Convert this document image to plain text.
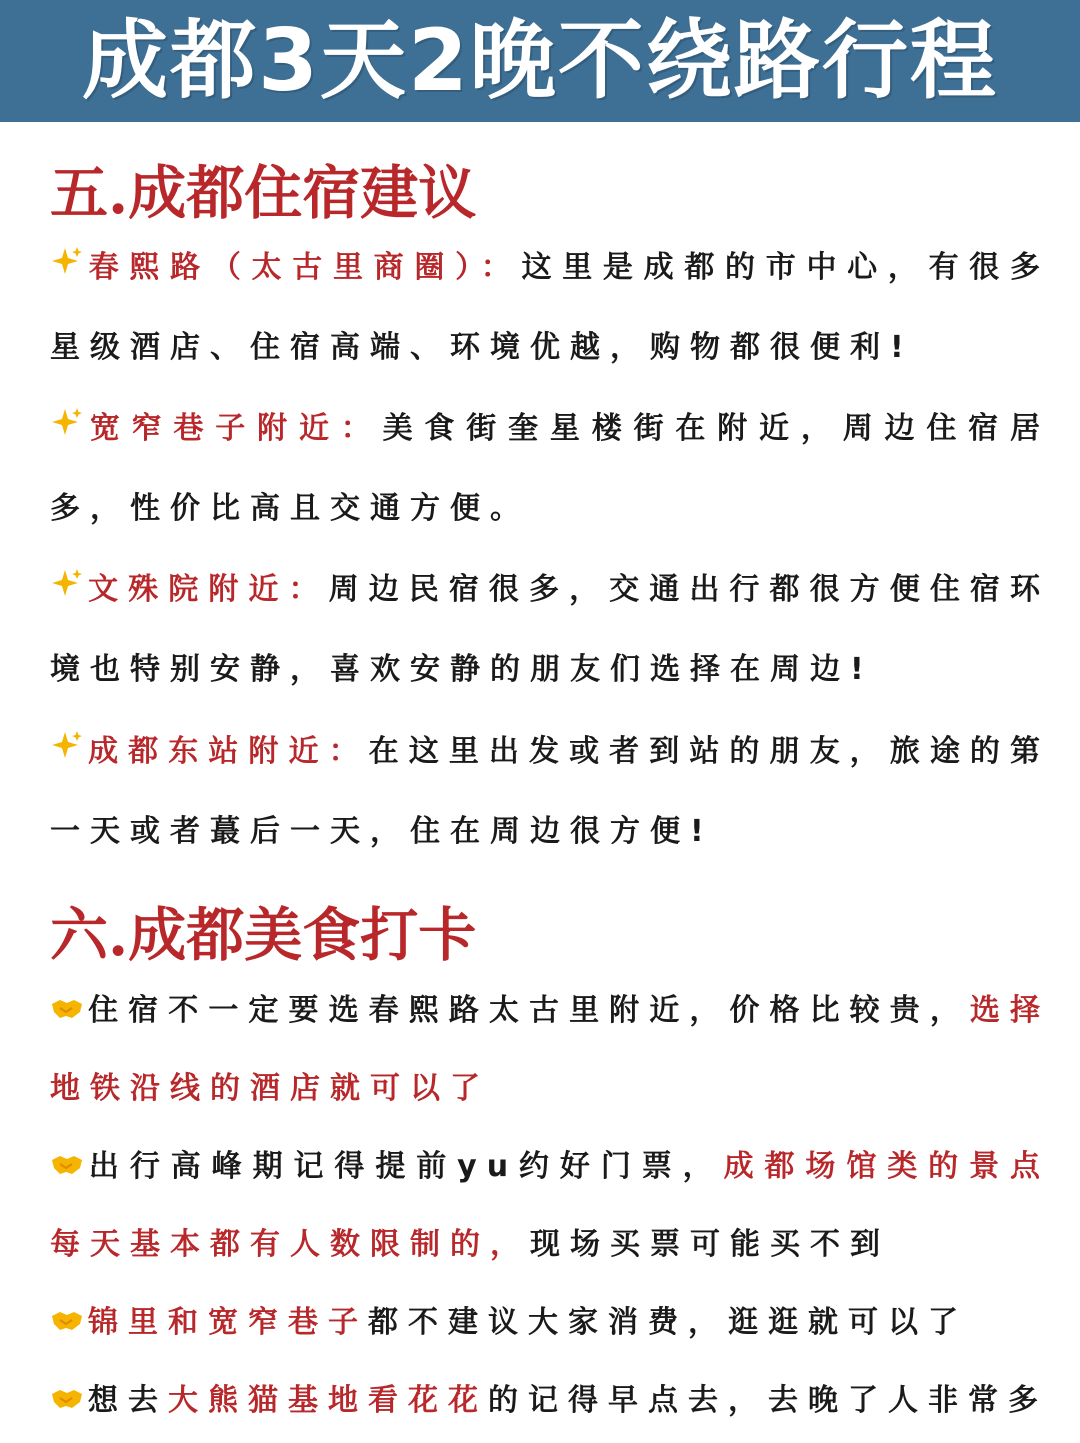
成都3天2晚不绕路行程
五.成都住宿建议

春熙路（太古里商圈）：这里是成都的市中心，有很多星级酒店、住宿高端、环境优越，购物都很便利!

宽窄巷子附近：美食街奎星楼街在附近，周边住宿居多，性价比高且交通方便。

文殊院附近：周边民宿很多，交通出行都很方便住宿环境也特别安静，喜欢安静的朋友们选择在周边!

成都东站附近：在这里出发或者到站的朋友，旅途的第一天或者蕞后一天，住在周边很方便!

六.成都美食打卡

住宿不一定要选春熙路太古里附近，价格比较贵，选择地铁沿线的酒店就可以了

出行高峰期记得提前yu约好门票，成都场馆类的景点每天基本都有人数限制的，现场买票可能买不到

锦里和宽窄巷子都不建议大家消费，逛逛就可以了

想去大熊猫基地看花花的记得早点去，去晚了人非常多
